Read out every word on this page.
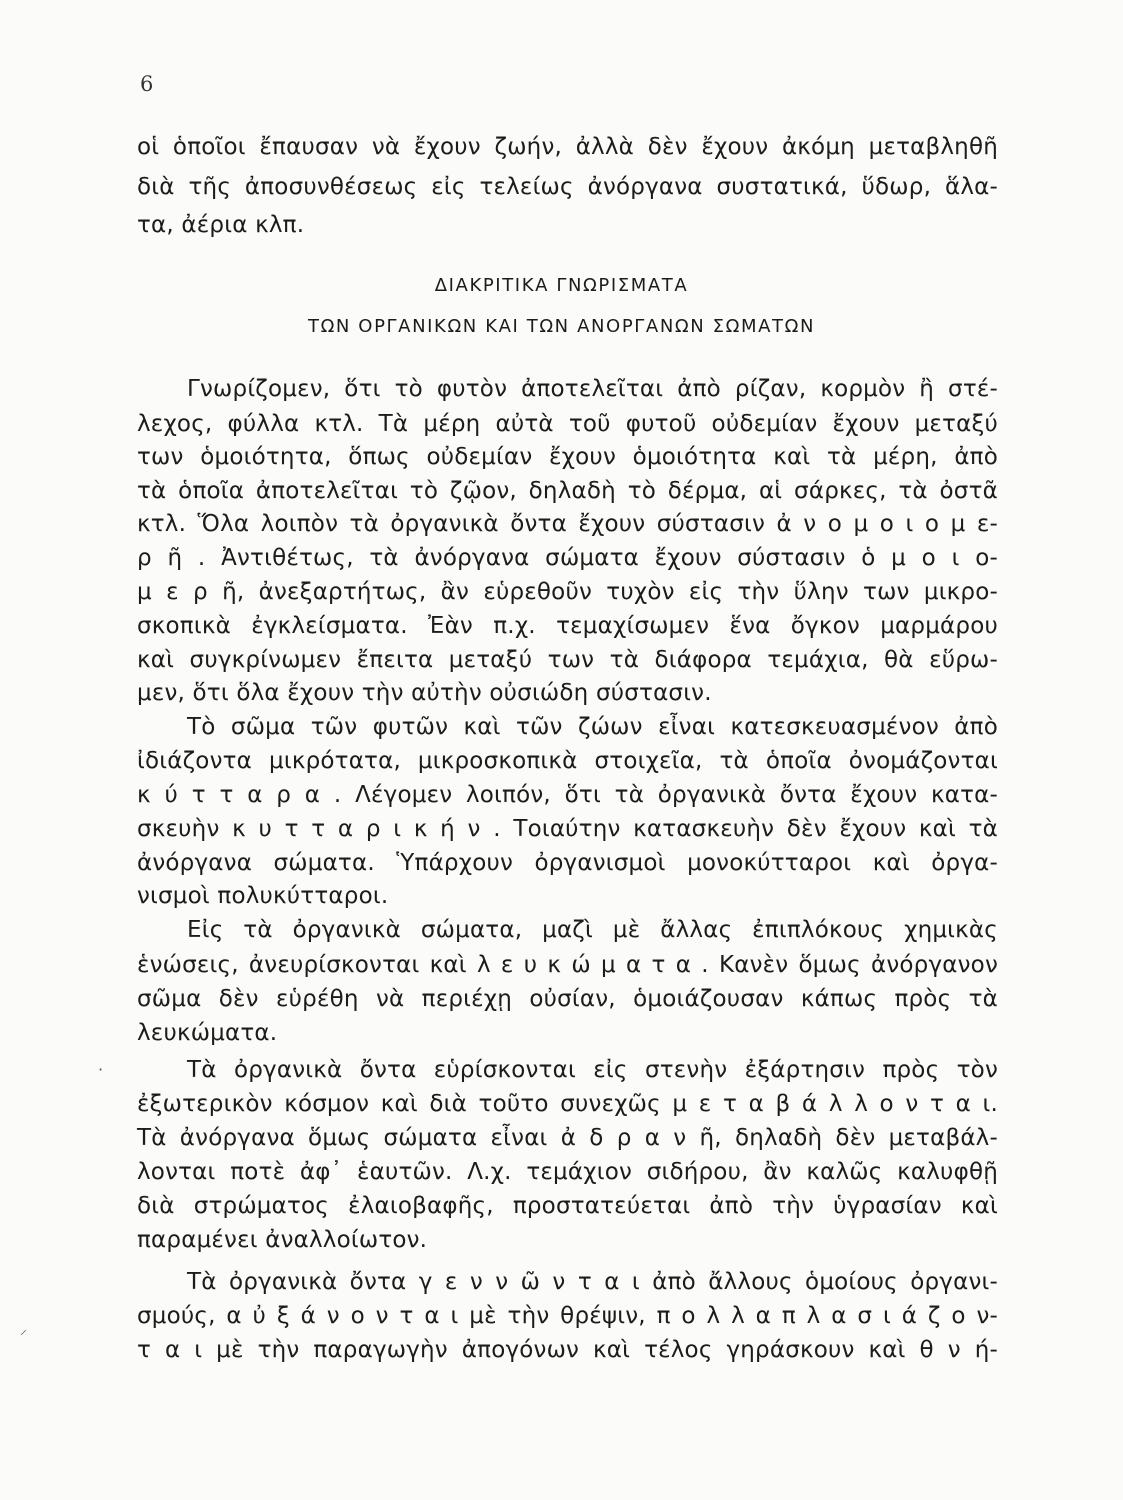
6
οἱ ὁποῖοι ἔπαυσαν νὰ ἔχουν ζωήν, ἀλλὰ δὲν ἔχουν ἀκόμη μεταβληθῆ
διὰ τῆς ἀποσυνθέσεως εἰς τελείως ἀνόργανα συστατικά, ὕδωρ, ἅλα-
τα, ἀέρια κλπ.
ΔΙΑΚΡΙΤΙΚΑ ΓΝΩΡΙΣΜΑΤΑ
ΤΩΝ ΟΡΓΑΝΙΚΩΝ ΚΑΙ ΤΩΝ ΑΝΟΡΓΑΝΩΝ ΣΩΜΑΤΩΝ
Γνωρίζομεν, ὅτι τὸ φυτὸν ἀποτελεῖται ἀπὸ ρίζαν, κορμὸν ἢ στέ-
λεχος, φύλλα κτλ. Τὰ μέρη αὐτὰ τοῦ φυτοῦ οὐδεμίαν ἔχουν μεταξύ
των ὁμοιότητα, ὅπως οὐδεμίαν ἔχουν ὁμοιότητα καὶ τὰ μέρη, ἀπὸ
τὰ ὁποῖα ἀποτελεῖται τὸ ζῷον, δηλαδὴ τὸ δέρμα, αἱ σάρκες, τὰ ὀστᾶ
κτλ. Ὅλα λοιπὸν τὰ ὀργανικὰ ὄντα ἔχουν σύστασιν ἀ ν ο μ ο ι ο μ ε-
ρ ῆ . Ἀντιθέτως, τὰ ἀνόργανα σώματα ἔχουν σύστασιν ὁ μ ο ι ο-
μ ε ρ ῆ, ἀνεξαρτήτως, ἂν εὑρεθοῦν τυχὸν εἰς τὴν ὕλην των μικρο-
σκοπικὰ ἐγκλείσματα. Ἐὰν π.χ. τεμαχίσωμεν ἕνα ὄγκον μαρμάρου
καὶ συγκρίνωμεν ἔπειτα μεταξύ των τὰ διάφορα τεμάχια, θὰ εὕρω-
μεν, ὅτι ὅλα ἔχουν τὴν αὐτὴν οὐσιώδη σύστασιν.
Τὸ σῶμα τῶν φυτῶν καὶ τῶν ζώων εἶναι κατεσκευασμένον ἀπὸ
ἰδιάζοντα μικρότατα, μικροσκοπικὰ στοιχεῖα, τὰ ὁποῖα ὀνομάζονται
κ ύ τ τ α ρ α . Λέγομεν λοιπόν, ὅτι τὰ ὀργανικὰ ὄντα ἔχουν κατα-
σκευὴν κ υ τ τ α ρ ι κ ή ν . Τοιαύτην κατασκευὴν δὲν ἔχουν καὶ τὰ
ἀνόργανα σώματα. Ὑπάρχουν ὀργανισμοὶ μονοκύτταροι καὶ ὀργα-
νισμοὶ πολυκύτταροι.
Εἰς τὰ ὀργανικὰ σώματα, μαζὶ μὲ ἄλλας ἐπιπλόκους χημικὰς
ἑνώσεις, ἀνευρίσκονται καὶ λ ε υ κ ώ μ α τ α . Κανὲν ὅμως ἀνόργανον
σῶμα δὲν εὑρέθη νὰ περιέχῃ οὐσίαν, ὁμοιάζουσαν κάπως πρὸς τὰ
λευκώματα.
·	Τὰ ὀργανικὰ ὄντα εὑρίσκονται εἰς στενὴν ἐξάρτησιν πρὸς τὸν
ἐξωτερικὸν κόσμον καὶ διὰ τοῦτο συνεχῶς μ ε τ α β ά λ λ ο ν τ α ι.
Τὰ ἀνόργανα ὅμως σώματα εἶναι ἀ δ ρ α ν ῆ, δηλαδὴ δὲν μεταβάλ-
λονται ποτὲ ἀφ᾽ ἑαυτῶν. Λ.χ. τεμάχιον σιδήρου, ἂν καλῶς καλυφθῇ
διὰ στρώματος ἐλαιοβαφῆς, προστατεύεται ἀπὸ τὴν ὑγρασίαν καὶ
παραμένει ἀναλλοίωτον.
Τὰ ὀργανικὰ ὄντα γ ε ν ν ῶ ν τ α ι ἀπὸ ἄλλους ὁμοίους ὀργανι-
σμούς, α ὐ ξ ά ν ο ν τ α ι μὲ τὴν θρέψιν, π ο λ λ α π λ α σ ι ά ζ ο ν-
τ α ι μὲ τὴν παραγωγὴν ἀπογόνων καὶ τέλος γηράσκουν καὶ θ ν ή-
⸝
